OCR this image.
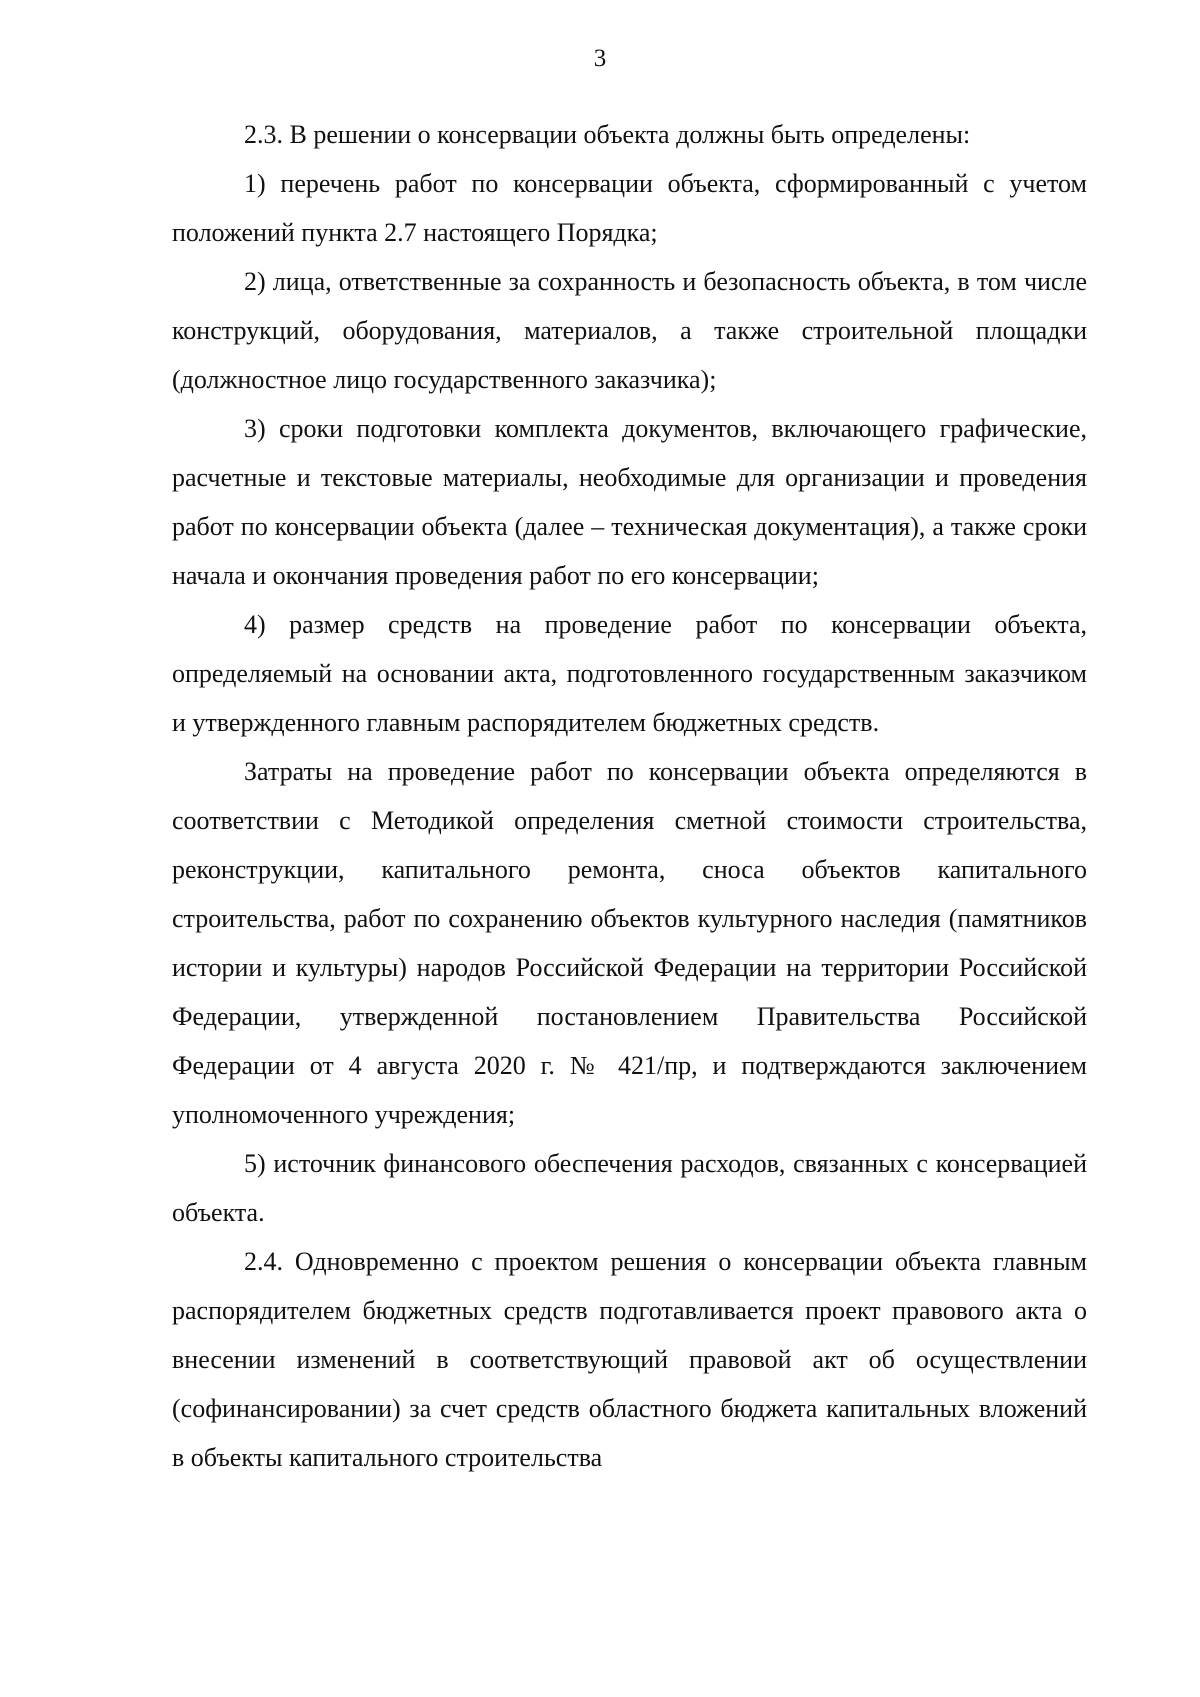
3

2.3. В решении о консервации объекта должны быть определены:

1) перечень работ по консервации объекта, сформированный с учетом положений пункта 2.7 настоящего Порядка;

2) лица, ответственные за сохранность и безопасность объекта, в том числе конструкций, оборудования, материалов, а также строительной площадки (должностное лицо государственного заказчика);

3) сроки подготовки комплекта документов, включающего графические, расчетные и текстовые материалы, необходимые для организации и проведения работ по консервации объекта (далее – техническая документация), а также сроки начала и окончания проведения работ по его консервации;

4) размер средств на проведение работ по консервации объекта, определяемый на основании акта, подготовленного государственным заказчиком и утвержденного главным распорядителем бюджетных средств.

Затраты на проведение работ по консервации объекта определяются в соответствии с Методикой определения сметной стоимости строительства, реконструкции, капитального ремонта, сноса объектов капитального строительства, работ по сохранению объектов культурного наследия (памятников истории и культуры) народов Российской Федерации на территории Российской Федерации, утвержденной постановлением Правительства Российской Федерации от 4 августа 2020 г. № 421/пр, и подтверждаются заключением уполномоченного учреждения;

5) источник финансового обеспечения расходов, связанных с консервацией объекта.

2.4. Одновременно с проектом решения о консервации объекта главным распорядителем бюджетных средств подготавливается проект правового акта о внесении изменений в соответствующий правовой акт об осуществлении (софинансировании) за счет средств областного бюджета капитальных вложений в объекты капитального строительства
